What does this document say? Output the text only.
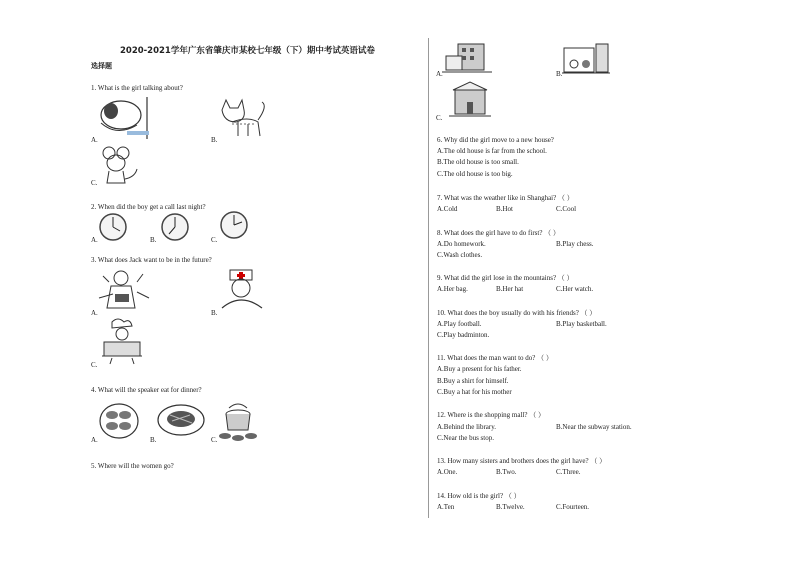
2020-2021学年广东省肇庆市某校七年级（下）期中考试英语试卷
选择题
1. What is the girl talking about?
A.	B.
C.
2. When did the boy get a call last night?
A.	B.	C.
3. What does Jack want to be in the future?
A.	B.
C.
4. What will the speaker eat for dinner?
A.	B.	C.
5. Where will the women go?
A.	B.
C.
6. Why did the girl move to a new house?
A.The old house is far from the school.
B.The old house is too small.
C.The old house is too big.
7. What was the weather like in Shanghai? （ ）
A.Cold	B.Hot	C.Cool
8. What does the girl have to do first? （ ）
A.Do homework.	B.Play chess.
C.Wash clothes.
9. What did the girl lose in the mountains? （ ）
A.Her bag.	B.Her hat	C.Her watch.
10. What does the boy usually do with his friends? （ ）
A.Play football.	B.Play basketball.
C.Play badminton.
11. What does the man want to do? （ ）
A.Buy a present for his father.
B.Buy a shirt for himself.
C.Buy a hat for his mother
12. Where is the shopping mall? （ ）
A.Behind the library.	B.Near the subway station.
C.Near the bus stop.
13. How many sisters and brothers does the girl have? （ ）
A.One.	B.Two.	C.Three.
14. How old is the girl? （ ）
A.Ten	B.Twelve.	C.Fourteen.
